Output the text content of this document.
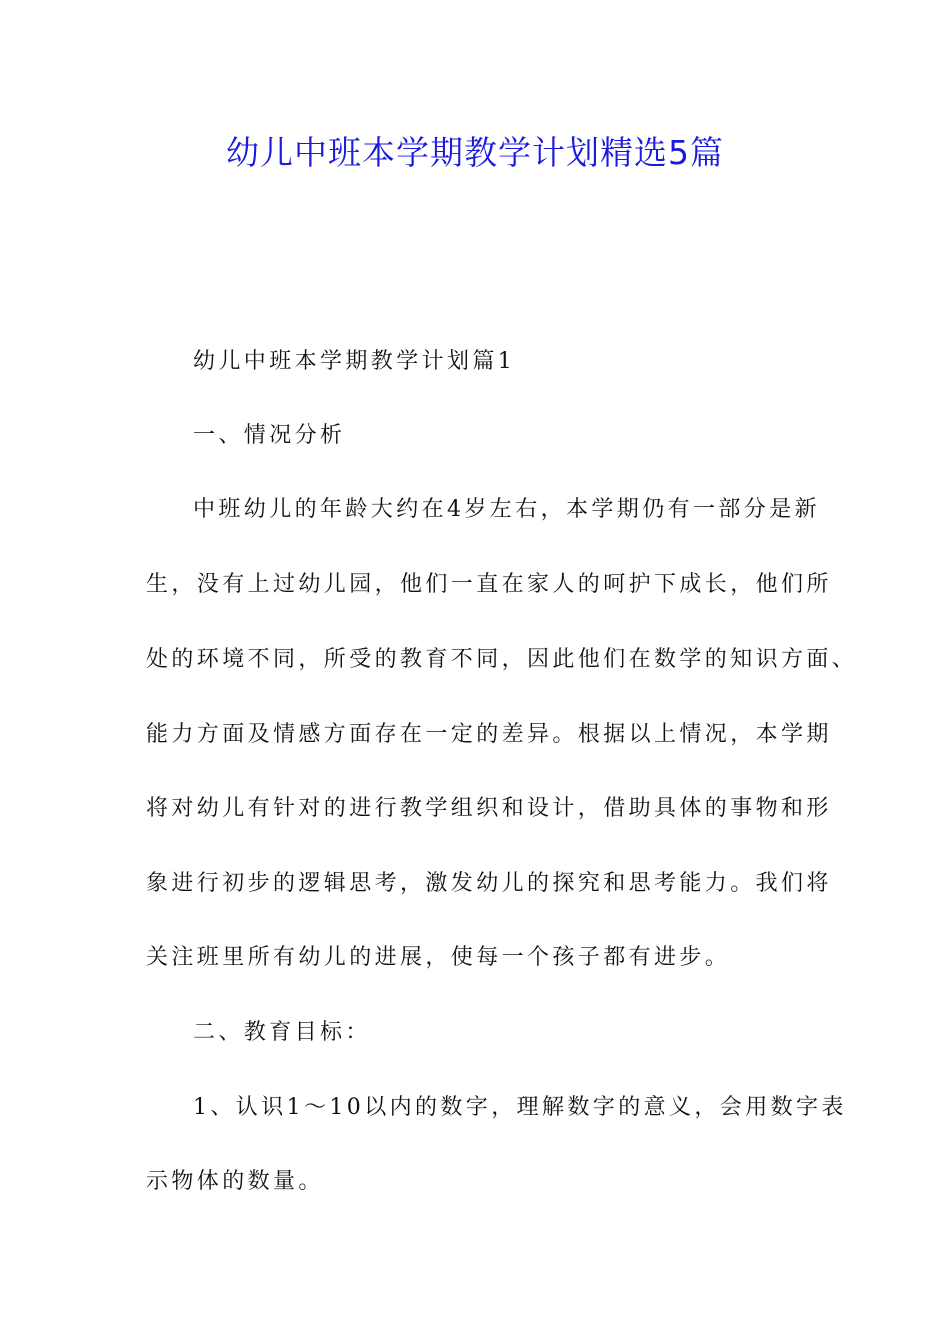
幼儿中班本学期教学计划精选5篇
幼儿中班本学期教学计划篇1
一、情况分析
中班幼儿的年龄大约在4岁左右，本学期仍有一部分是新
生，没有上过幼儿园，他们一直在家人的呵护下成长，他们所
处的环境不同，所受的教育不同，因此他们在数学的知识方面、
能力方面及情感方面存在一定的差异。根据以上情况，本学期
将对幼儿有针对的进行教学组织和设计，借助具体的事物和形
象进行初步的逻辑思考，激发幼儿的探究和思考能力。我们将
关注班里所有幼儿的进展，使每一个孩子都有进步。
二、教育目标：
1、认识1～10以内的数字，理解数字的意义，会用数字表
示物体的数量。
